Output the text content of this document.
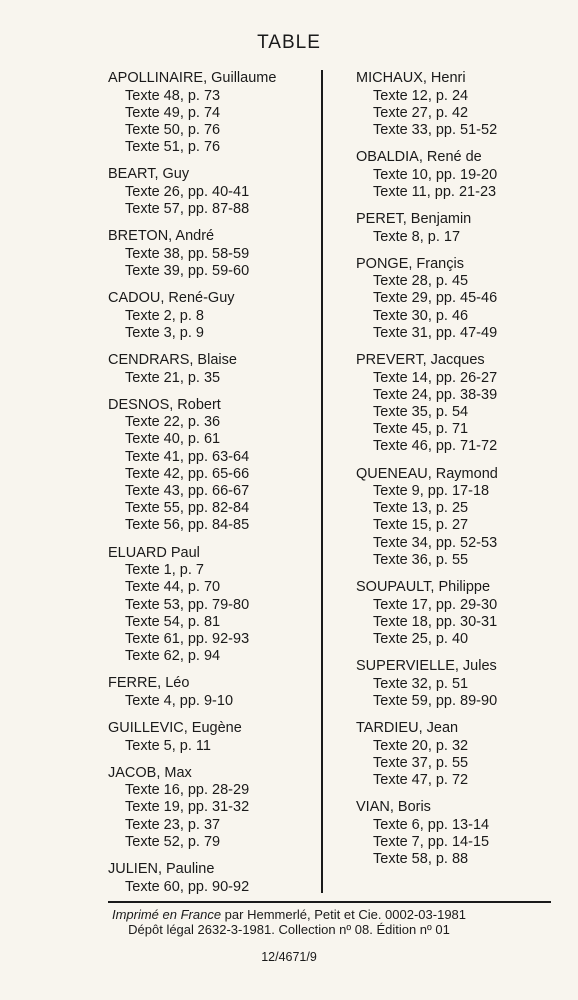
TABLE
APOLLINAIRE, Guillaume
Texte 48, p. 73
Texte 49, p. 74
Texte 50, p. 76
Texte 51, p. 76
BEART, Guy
Texte 26, pp. 40-41
Texte 57, pp. 87-88
BRETON, André
Texte 38, pp. 58-59
Texte 39, pp. 59-60
CADOU, René-Guy
Texte 2, p. 8
Texte 3, p. 9
CENDRARS, Blaise
Texte 21, p. 35
DESNOS, Robert
Texte 22, p. 36
Texte 40, p. 61
Texte 41, pp. 63-64
Texte 42, pp. 65-66
Texte 43, pp. 66-67
Texte 55, pp. 82-84
Texte 56, pp. 84-85
ELUARD Paul
Texte 1, p. 7
Texte 44, p. 70
Texte 53, pp. 79-80
Texte 54, p. 81
Texte 61, pp. 92-93
Texte 62, p. 94
FERRE, Léo
Texte 4, pp. 9-10
GUILLEVIC, Eugène
Texte 5, p. 11
JACOB, Max
Texte 16, pp. 28-29
Texte 19, pp. 31-32
Texte 23, p. 37
Texte 52, p. 79
JULIEN, Pauline
Texte 60, pp. 90-92
MICHAUX, Henri
Texte 12, p. 24
Texte 27, p. 42
Texte 33, pp. 51-52
OBALDIA, René de
Texte 10, pp. 19-20
Texte 11, pp. 21-23
PERET, Benjamin
Texte 8, p. 17
PONGE, Françis
Texte 28, p. 45
Texte 29, pp. 45-46
Texte 30, p. 46
Texte 31, pp. 47-49
PREVERT, Jacques
Texte 14, pp. 26-27
Texte 24, pp. 38-39
Texte 35, p. 54
Texte 45, p. 71
Texte 46, pp. 71-72
QUENEAU, Raymond
Texte 9, pp. 17-18
Texte 13, p. 25
Texte 15, p. 27
Texte 34, pp. 52-53
Texte 36, p. 55
SOUPAULT, Philippe
Texte 17, pp. 29-30
Texte 18, pp. 30-31
Texte 25, p. 40
SUPERVIELLE, Jules
Texte 32, p. 51
Texte 59, pp. 89-90
TARDIEU, Jean
Texte 20, p. 32
Texte 37, p. 55
Texte 47, p. 72
VIAN, Boris
Texte 6, pp. 13-14
Texte 7, pp. 14-15
Texte 58, p. 88
Imprimé en France par Hemmerlé, Petit et Cie. 0002-03-1981
Dépôt légal 2632-3-1981. Collection nº 08. Édition nº 01
12/4671/9
